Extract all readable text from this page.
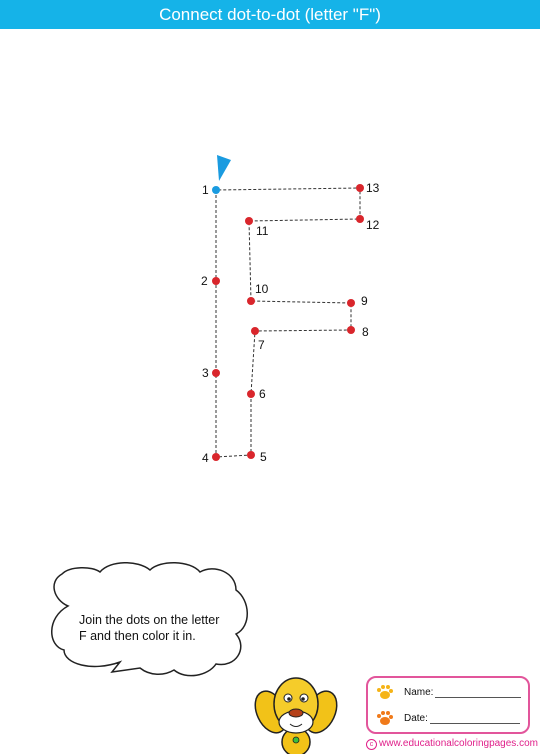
Connect dot-to-dot (letter "F")
1
2
3
4	5
6
7
8
9
10
11	12
13
Join the dots on the letter F and then color it in.
Name:
Date:
c www.educationalcoloringpages.com
